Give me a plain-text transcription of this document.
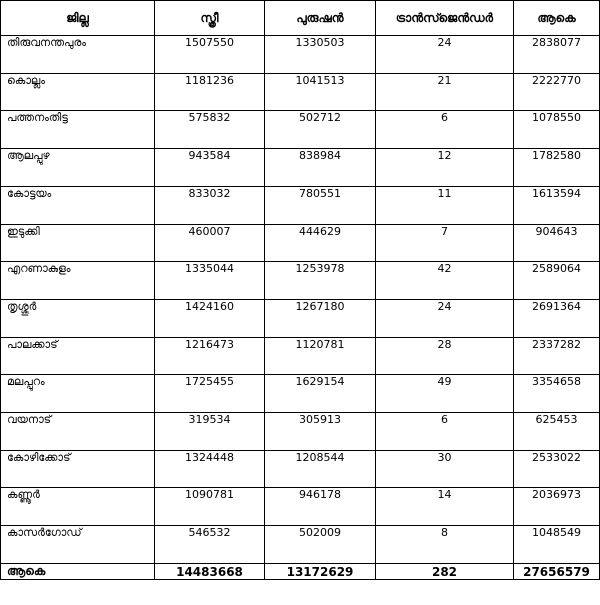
ജില്ല	സ്ത്രീ	പുരുഷന്‍	ട്രാൻസ്ജെൻഡർ	ആകെ
തിരുവനന്തപുരം	1507550	1330503	24	2838077
കൊല്ലം	1181236	1041513	21	2222770
പത്തനംതിട്ട	575832	502712	6	1078550
ആലപ്പുഴ	943584	838984	12	1782580
കോട്ടയം	833032	780551	11	1613594
ഇടുക്കി	460007	444629	7	904643
എറണാകുളം	1335044	1253978	42	2589064
തൃശ്ശൂർ	1424160	1267180	24	2691364
പാലക്കാട്	1216473	1120781	28	2337282
മലപ്പുറം	1725455	1629154	49	3354658
വയനാട്	319534	305913	6	625453
കോഴിക്കോട്	1324448	1208544	30	2533022
കണ്ണൂർ	1090781	946178	14	2036973
കാസർഗോഡ്	546532	502009	8	1048549
ആകെ	14483668	13172629	282	27656579
